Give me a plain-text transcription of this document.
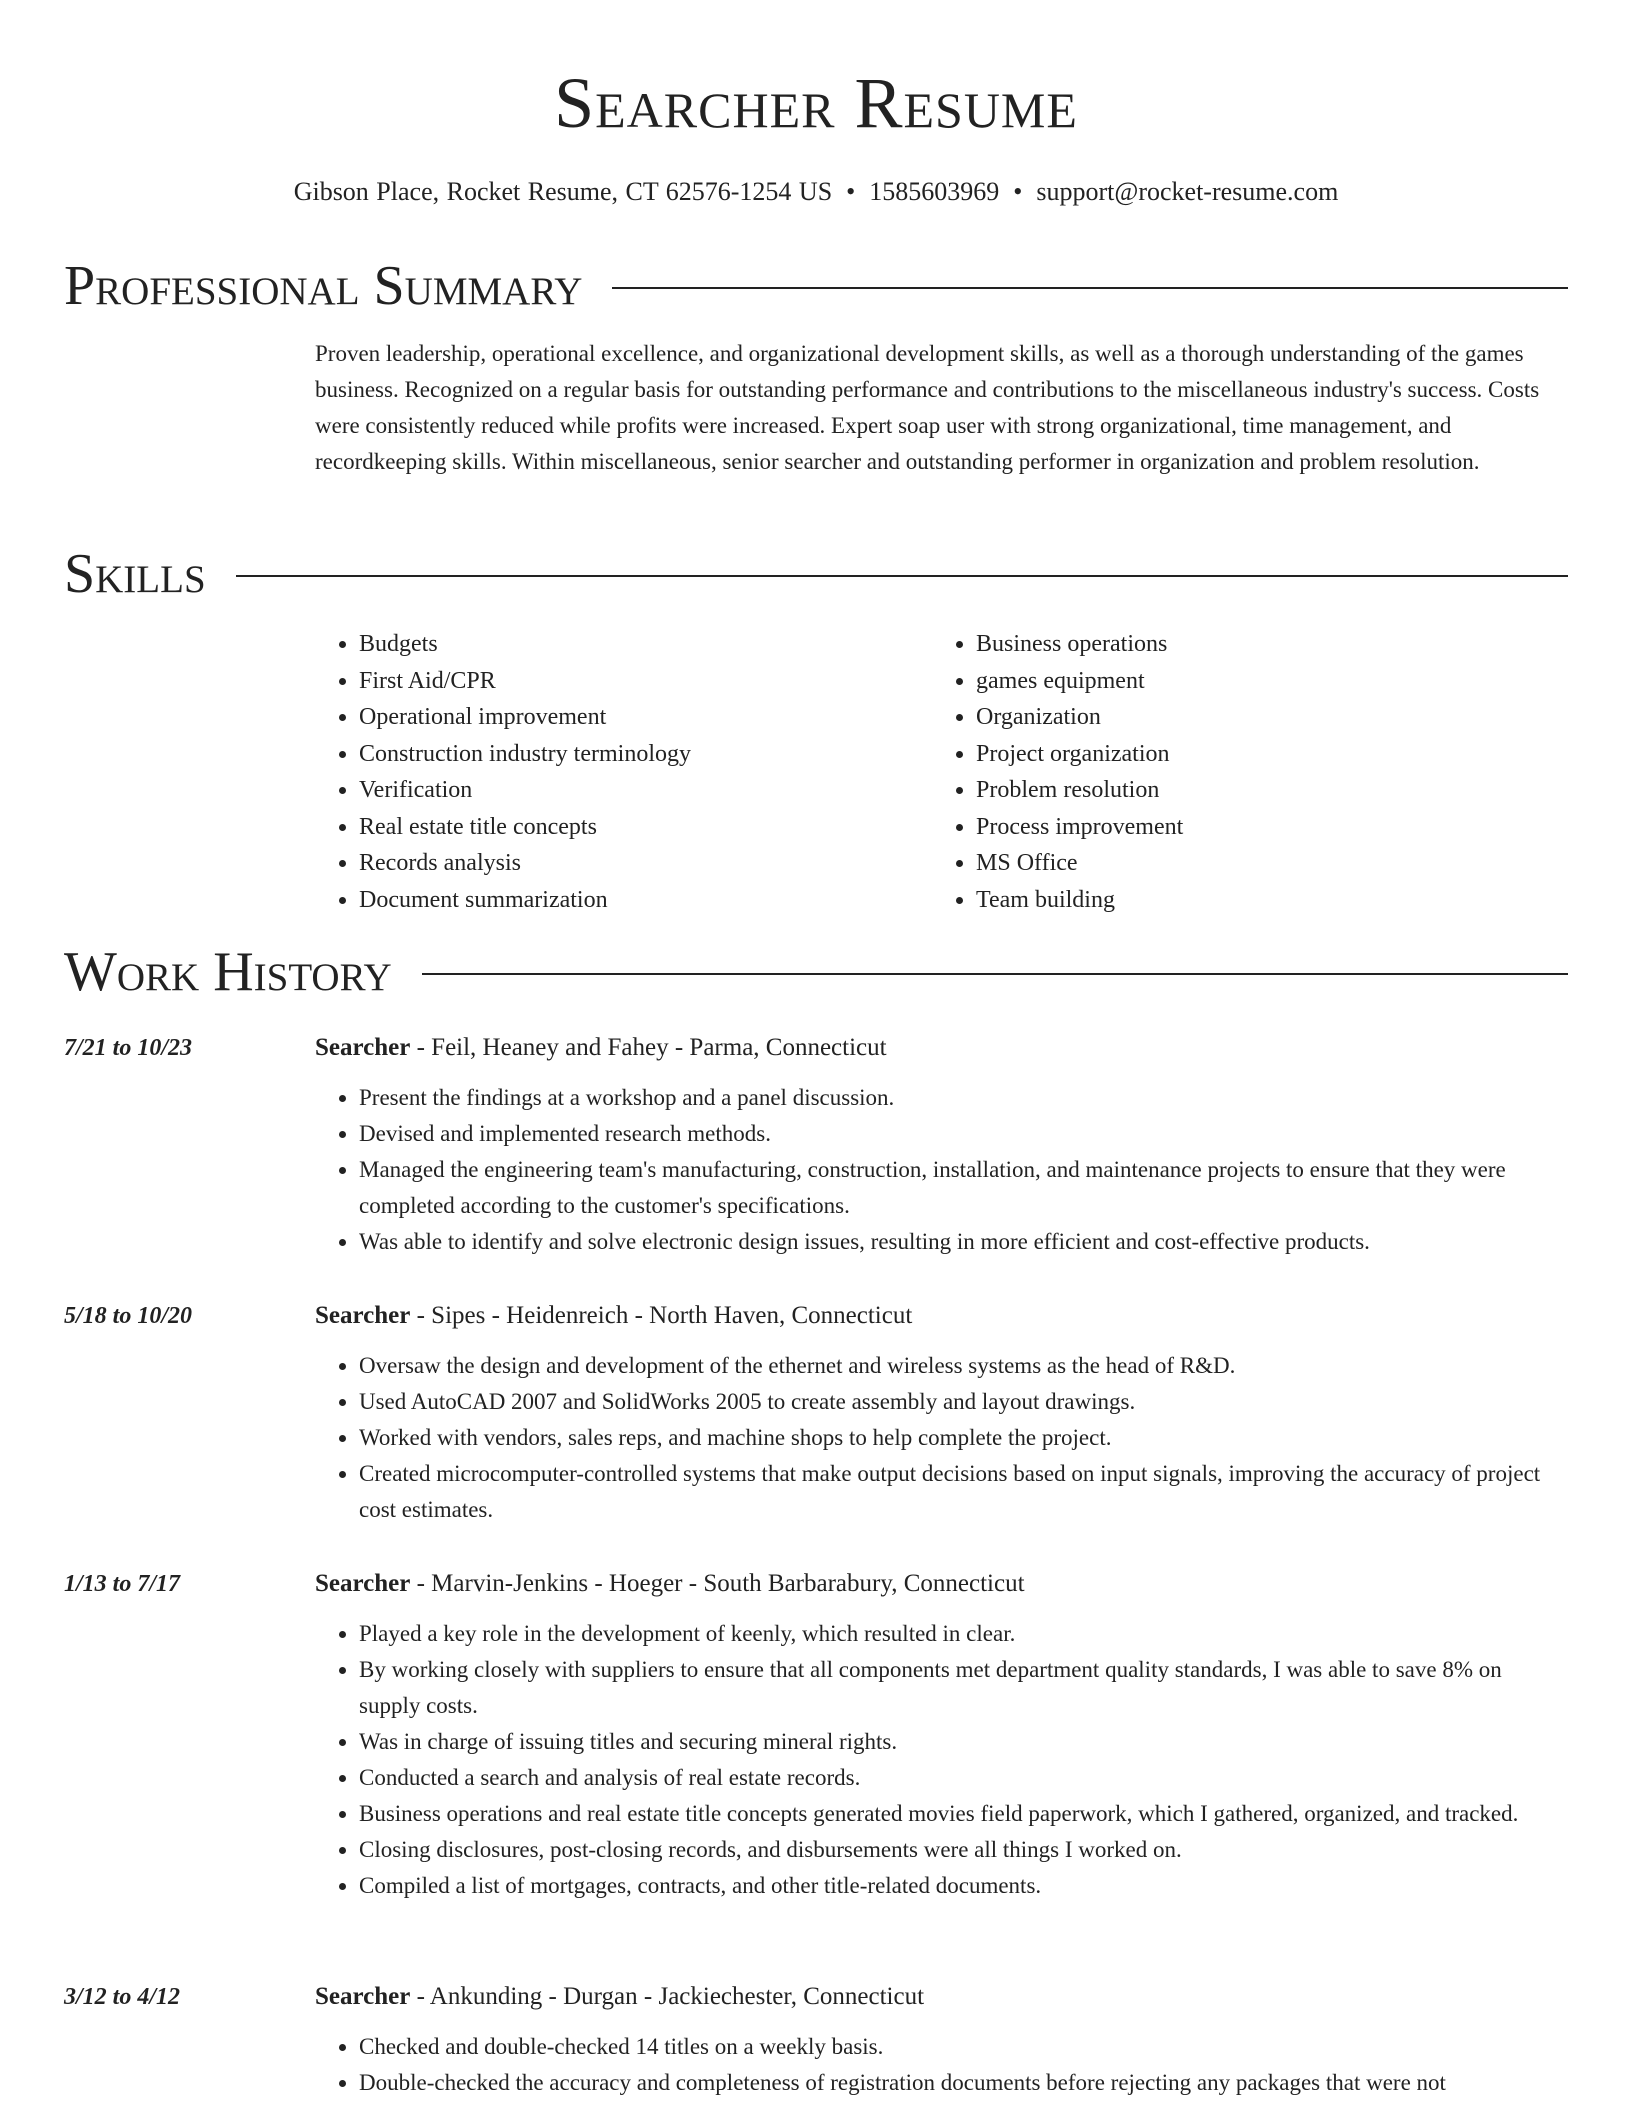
Searcher Resume
Gibson Place, Rocket Resume, CT 62576-1254 US • 1585603969 • support@rocket-resume.com
Professional Summary

Proven leadership, operational excellence, and organizational development skills, as well as a thorough understanding of the games business. Recognized on a regular basis for outstanding performance and contributions to the miscellaneous industry's success. Costs were consistently reduced while profits were increased. Expert soap user with strong organizational, time management, and recordkeeping skills. Within miscellaneous, senior searcher and outstanding performer in organization and problem resolution.

Skills
• Budgets
• First Aid/CPR
• Operational improvement
• Construction industry terminology
• Verification
• Real estate title concepts
• Records analysis
• Document summarization
• Business operations
• games equipment
• Organization
• Project organization
• Problem resolution
• Process improvement
• MS Office
• Team building
Work History
7/21 to 10/23	Searcher - Feil, Heaney and Fahey - Parma, Connecticut
• Present the findings at a workshop and a panel discussion.
• Devised and implemented research methods.
• Managed the engineering team's manufacturing, construction, installation, and maintenance projects to ensure that they were completed according to the customer's specifications.
• Was able to identify and solve electronic design issues, resulting in more efficient and cost-effective products.
5/18 to 10/20	Searcher - Sipes - Heidenreich - North Haven, Connecticut
• Oversaw the design and development of the ethernet and wireless systems as the head of R&D.
• Used AutoCAD 2007 and SolidWorks 2005 to create assembly and layout drawings.
• Worked with vendors, sales reps, and machine shops to help complete the project.
• Created microcomputer-controlled systems that make output decisions based on input signals, improving the accuracy of project cost estimates.
1/13 to 7/17	Searcher - Marvin-Jenkins - Hoeger - South Barbarabury, Connecticut
• Played a key role in the development of keenly, which resulted in clear.
• By working closely with suppliers to ensure that all components met department quality standards, I was able to save 8% on supply costs.
• Was in charge of issuing titles and securing mineral rights.
• Conducted a search and analysis of real estate records.
• Business operations and real estate title concepts generated movies field paperwork, which I gathered, organized, and tracked.
• Closing disclosures, post-closing records, and disbursements were all things I worked on.
• Compiled a list of mortgages, contracts, and other title-related documents.
3/12 to 4/12	Searcher - Ankunding - Durgan - Jackiechester, Connecticut
• Checked and double-checked 14 titles on a weekly basis.
• Double-checked the accuracy and completeness of registration documents before rejecting any packages that were not
